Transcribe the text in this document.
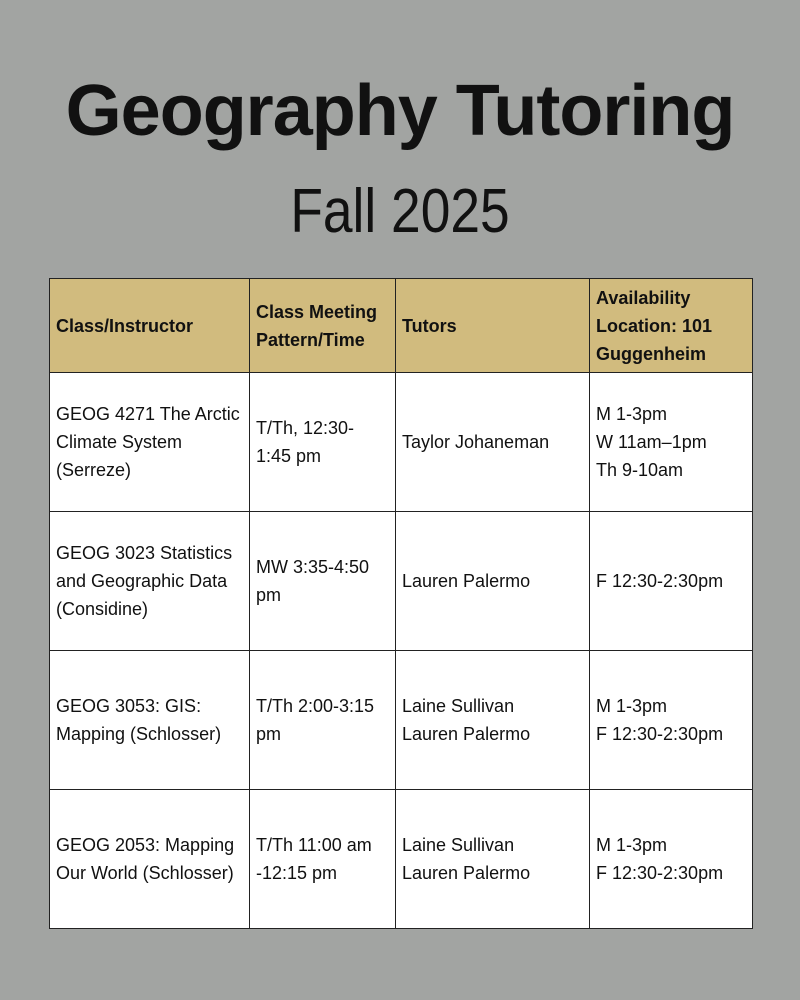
Geography Tutoring
Fall 2025
Class/Instructor	Class Meeting Pattern/Time	Tutors	Availability Location: 101 Guggenheim
GEOG 4271 The Arctic Climate System (Serreze)	T/Th, 12:30-1:45 pm	Taylor Johaneman	M 1-3pm
W 11am–1pm
Th 9-10am

GEOG 3023 Statistics and Geographic Data (Considine)	MW 3:35-4:50 pm	Lauren Palermo	F 12:30-2:30pm

GEOG 3053: GIS: Mapping (Schlosser)	T/Th 2:00-3:15 pm	Laine Sullivan
Lauren Palermo	M 1-3pm
F 12:30-2:30pm

GEOG 2053: Mapping Our World (Schlosser)	T/Th 11:00 am -12:15 pm	Laine Sullivan
Lauren Palermo	M 1-3pm
F 12:30-2:30pm
